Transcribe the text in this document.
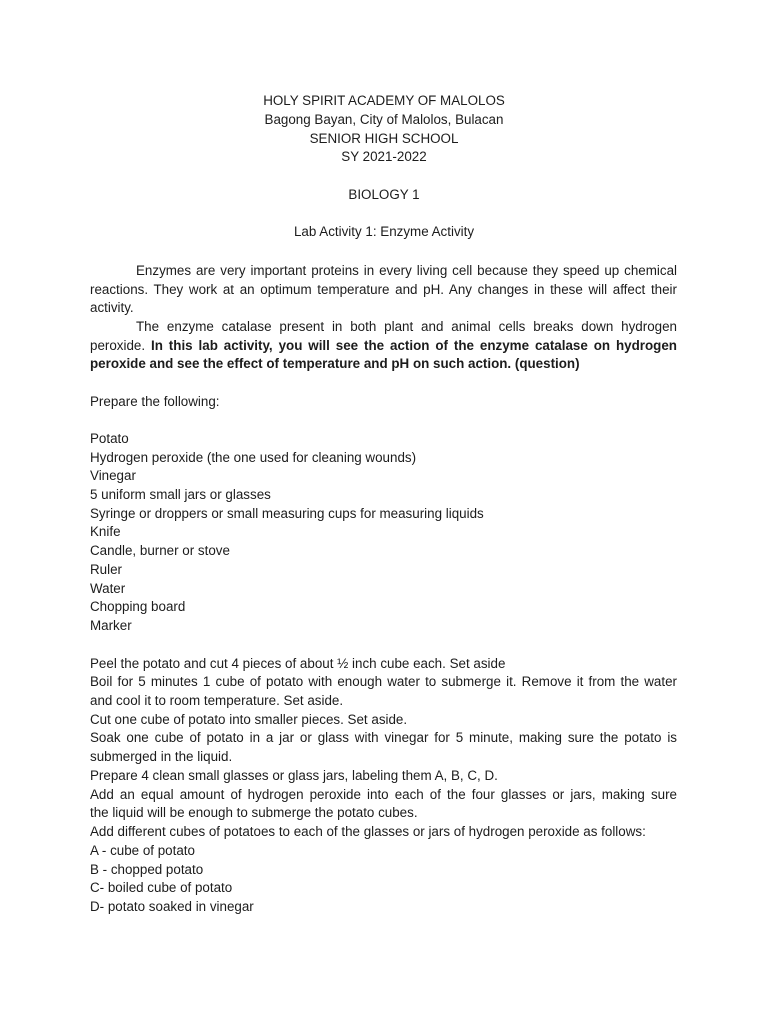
HOLY SPIRIT ACADEMY OF MALOLOS
Bagong Bayan, City of Malolos, Bulacan
SENIOR HIGH SCHOOL
SY 2021-2022
BIOLOGY 1
Lab Activity 1: Enzyme Activity
Enzymes are very important proteins in every living cell because they speed up chemical
reactions. They work at an optimum temperature and pH. Any changes in these will affect their
activity.
The enzyme catalase present in both plant and animal cells breaks down hydrogen
peroxide. In this lab activity, you will see the action of the enzyme catalase on hydrogen
peroxide and see the effect of temperature and pH on such action. (question)
Prepare the following:
Potato
Hydrogen peroxide (the one used for cleaning wounds)
Vinegar
5 uniform small jars or glasses
Syringe or droppers or small measuring cups for measuring liquids
Knife
Candle, burner or stove
Ruler
Water
Chopping board
Marker
Peel the potato and cut 4 pieces of about ½ inch cube each. Set aside
Boil for 5 minutes 1 cube of potato with enough water to submerge it. Remove it from the water
and cool it to room temperature. Set aside.
Cut one cube of potato into smaller pieces. Set aside.
Soak one cube of potato in a jar or glass with vinegar for 5 minute, making sure the potato is
submerged in the liquid.
Prepare 4 clean small glasses or glass jars, labeling them A, B, C, D.
Add an equal amount of hydrogen peroxide into each of the four glasses or jars, making sure
the liquid will be enough to submerge the potato cubes.
Add different cubes of potatoes to each of the glasses or jars of hydrogen peroxide as follows:
A - cube of potato
B - chopped potato
C- boiled cube of potato
D- potato soaked in vinegar
